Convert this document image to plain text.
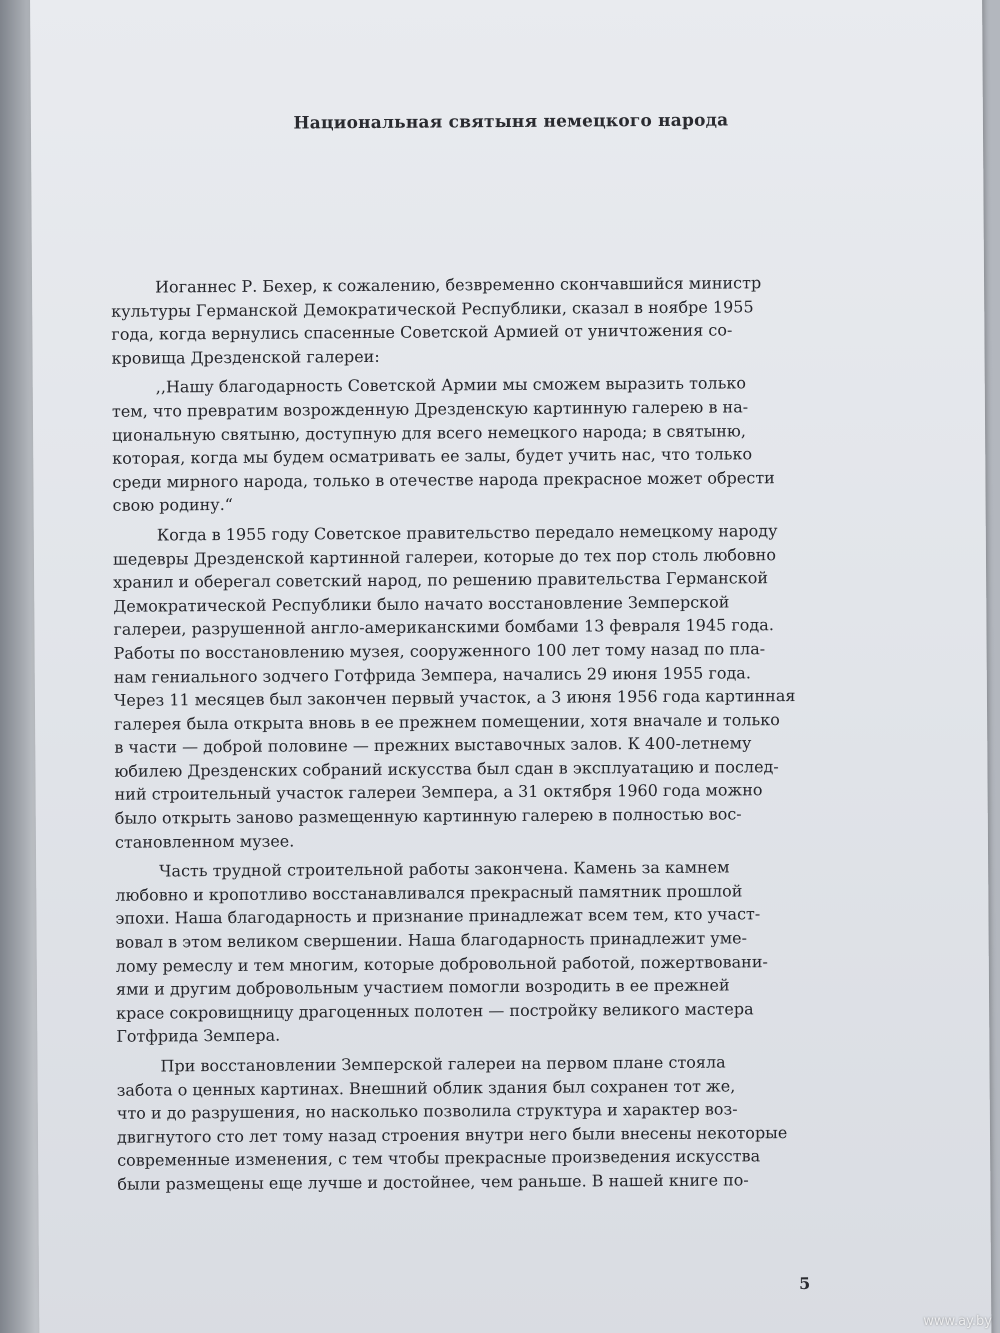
Национальная святыня немецкого народа

Иоганнес Р. Бехер, к сожалению, безвременно скончавшийся министр
культуры Германской Демократической Республики, сказал в ноябре 1955
года, когда вернулись спасенные Советской Армией от уничтожения со-
кровища Дрезденской галереи:

,,Нашу благодарность Советской Армии мы сможем выразить только
тем, что превратим возрожденную Дрезденскую картинную галерею в на-
циональную святыню, доступную для всего немецкого народа; в святыню,
которая, когда мы будем осматривать ее залы, будет учить нас, что только
среди мирного народа, только в отечестве народа прекрасное может обрести
свою родину.“

Когда в 1955 году Советское правительство передало немецкому народу
шедевры Дрезденской картинной галереи, которые до тех пор столь любовно
хранил и оберегал советский народ, по решению правительства Германской
Демократической Республики было начато восстановление Земперской
галереи, разрушенной англо-американскими бомбами 13 февраля 1945 года.
Работы по восстановлению музея, сооруженного 100 лет тому назад по пла-
нам гениального зодчего Готфрида Земпера, начались 29 июня 1955 года.
Через 11 месяцев был закончен первый участок, а 3 июня 1956 года картинная
галерея была открыта вновь в ее прежнем помещении, хотя вначале и только
в части — доброй половине — прежних выставочных залов. К 400-летнему
юбилею Дрезденских собраний искусства был сдан в эксплуатацию и послед-
ний строительный участок галереи Земпера, а 31 октября 1960 года можно
было открыть заново размещенную картинную галерею в полностью вос-
становленном музее.

Часть трудной строительной работы закончена. Камень за камнем
любовно и кропотливо восстанавливался прекрасный памятник прошлой
эпохи. Наша благодарность и признание принадлежат всем тем, кто участ-
вовал в этом великом свершении. Наша благодарность принадлежит уме-
лому ремеслу и тем многим, которые добровольной работой, пожертвовани-
ями и другим добровольным участием помогли возродить в ее прежней
красе сокровищницу драгоценных полотен — постройку великого мастера
Готфрида Земпера.

При восстановлении Земперской галереи на первом плане стояла
забота о ценных картинах. Внешний облик здания был сохранен тот же,
что и до разрушения, но насколько позволила структура и характер воз-
двигнутого сто лет тому назад строения внутри него были внесены некоторые
современные изменения, с тем чтобы прекрасные произведения искусства
были размещены еще лучше и достойнее, чем раньше. В нашей книге по-

5
www.ay.by
